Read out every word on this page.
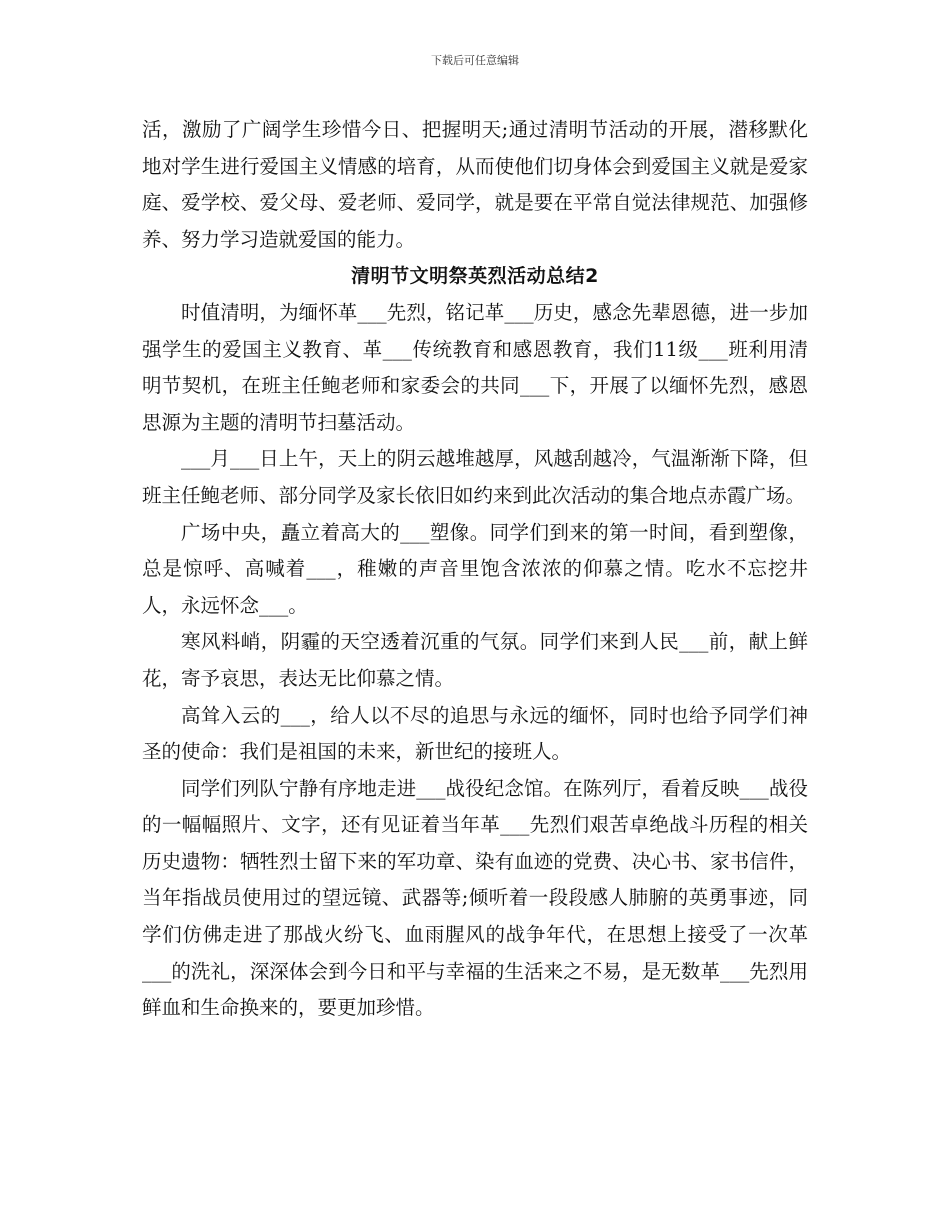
下载后可任意编辑

活，激励了广阔学生珍惜今日、把握明天;通过清明节活动的开展，潜移默化地对学生进行爱国主义情感的培育，从而使他们切身体会到爱国主义就是爱家庭、爱学校、爱父母、爱老师、爱同学，就是要在平常自觉法律规范、加强修养、努力学习造就爱国的能力。

清明节文明祭英烈活动总结2

时值清明，为缅怀革___先烈，铭记革___历史，感念先辈恩德，进一步加强学生的爱国主义教育、革___传统教育和感恩教育，我们11级___班利用清明节契机，在班主任鲍老师和家委会的共同___下，开展了以缅怀先烈，感恩思源为主题的清明节扫墓活动。

___月___日上午，天上的阴云越堆越厚，风越刮越冷，气温渐渐下降，但班主任鲍老师、部分同学及家长依旧如约来到此次活动的集合地点赤霞广场。

广场中央，矗立着高大的___塑像。同学们到来的第一时间，看到塑像，总是惊呼、高喊着___，稚嫩的声音里饱含浓浓的仰慕之情。吃水不忘挖井人，永远怀念___。

寒风料峭，阴霾的天空透着沉重的气氛。同学们来到人民___前，献上鲜花，寄予哀思，表达无比仰慕之情。

高耸入云的___，给人以不尽的追思与永远的缅怀，同时也给予同学们神圣的使命：我们是祖国的未来，新世纪的接班人。

同学们列队宁静有序地走进___战役纪念馆。在陈列厅，看着反映___战役的一幅幅照片、文字，还有见证着当年革___先烈们艰苦卓绝战斗历程的相关历史遗物：牺牲烈士留下来的军功章、染有血迹的党费、决心书、家书信件，当年指战员使用过的望远镜、武器等;倾听着一段段感人肺腑的英勇事迹，同学们仿佛走进了那战火纷飞、血雨腥风的战争年代，在思想上接受了一次革___的洗礼，深深体会到今日和平与幸福的生活来之不易，是无数革___先烈用鲜血和生命换来的，要更加珍惜。
